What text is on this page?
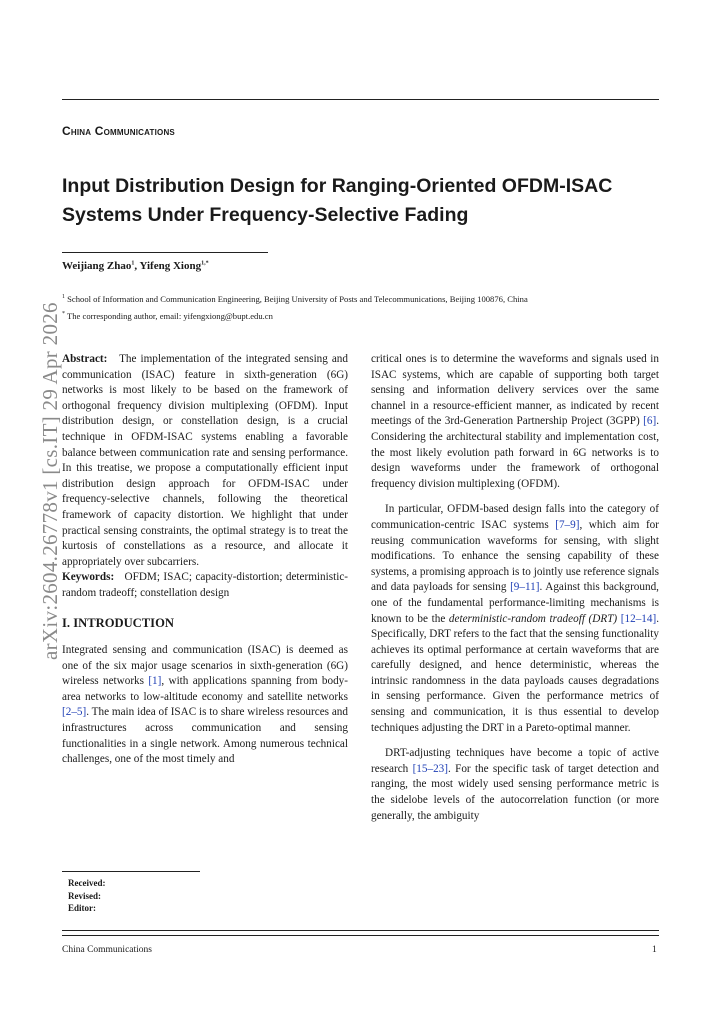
China Communications
Input Distribution Design for Ranging-Oriented OFDM-ISAC Systems Under Frequency-Selective Fading
Weijiang Zhao$^1$, Yifeng Xiong$^{1,*}$
$^1$ School of Information and Communication Engineering, Beijing University of Posts and Telecommunications, Beijing 100876, China
* The corresponding author, email: yifengxiong@bupt.edu.cn
arXiv:2604.26778v1 [cs.IT] 29 Apr 2026 Abstract: The implementation of the integrated sensing and communication (ISAC) feature in sixth-generation (6G) networks is most likely to be based on the framework of orthogonal frequency division multiplexing (OFDM). Input distribution design, or constellation design, is a crucial technique in OFDM-ISAC systems enabling a favorable balance between communication rate and sensing performance. In this treatise, we propose a computationally efficient input distribution design approach for OFDM-ISAC under frequency-selective channels, following the theoretical framework of capacity distortion. We highlight that under practical sensing constraints, the optimal strategy is to treat the kurtosis of constellations as a resource, and allocate it appropriately over subcarriers.

Keywords: OFDM; ISAC; capacity-distortion; deterministic-random tradeoff; constellation design

I. INTRODUCTION

Integrated sensing and communication (ISAC) is deemed as one of the six major usage scenarios in sixth-generation (6G) wireless networks [1], with applications spanning from body-area networks to low-altitude economy and satellite networks [2–5]. The main idea of ISAC is to share wireless resources and infrastructures across communication and sensing functionalities in a single network. Among numerous technical challenges, one of the most timely and

critical ones is to determine the waveforms and signals used in ISAC systems, which are capable of supporting both target sensing and information delivery services over the same channel in a resource-efficient manner, as indicated by recent meetings of the 3rd-Generation Partnership Project (3GPP) [6]. Considering the architectural stability and implementation cost, the most likely evolution path forward in 6G networks is to design waveforms under the framework of orthogonal frequency division multiplexing (OFDM).

In particular, OFDM-based design falls into the category of communication-centric ISAC systems [7–9], which aim for reusing communication waveforms for sensing, with slight modifications. To enhance the sensing capability of these systems, a promising approach is to jointly use reference signals and data payloads for sensing [9–11]. Against this background, one of the fundamental performance-limiting mechanisms is known to be the deterministic-random tradeoff (DRT) [12–14]. Specifically, DRT refers to the fact that the sensing functionality achieves its optimal performance at certain waveforms that are carefully designed, and hence deterministic, whereas the intrinsic randomness in the data payloads causes degradations in sensing performance. Given the performance metrics of sensing and communication, it is thus essential to develop techniques adjusting the DRT in a Pareto-optimal manner.

DRT-adjusting techniques have become a topic of active research [15–23]. For the specific task of target detection and ranging, the most widely used sensing performance metric is the sidelobe levels of the autocorrelation function (or more generally, the ambiguity

Received:
Revised:
Editor:
China Communications	1
